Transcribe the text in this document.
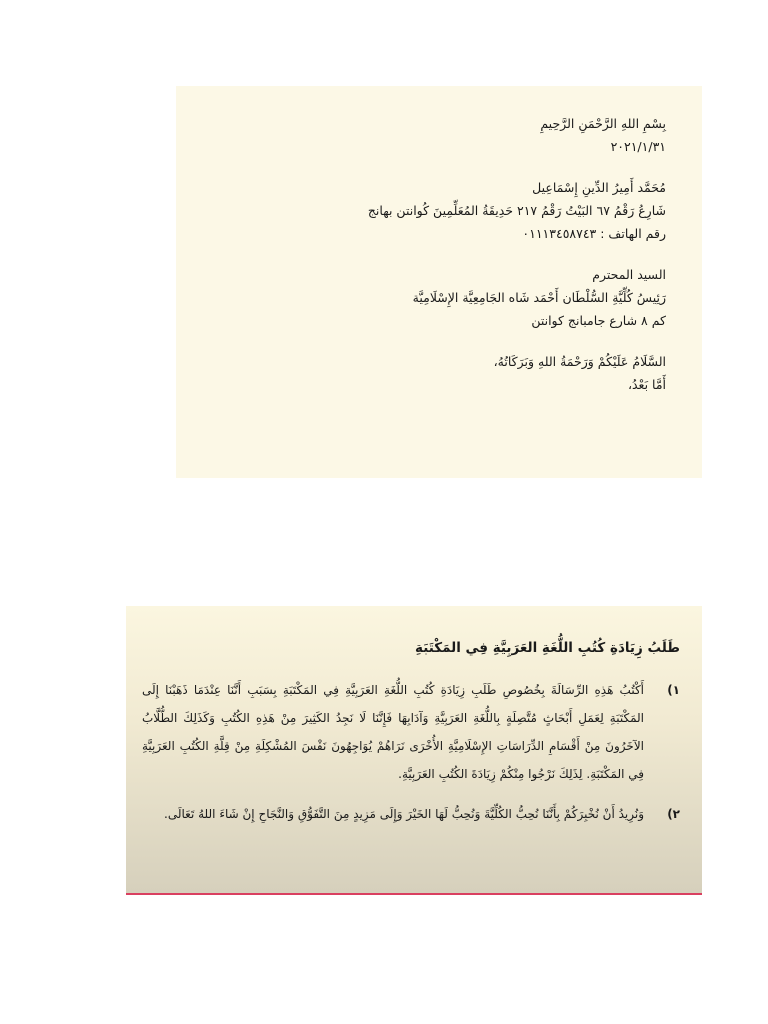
بِسْمِ اللهِ الرَّحْمَنِ الرَّحِيمِ
٢٠٢١/١/٣١
مُحَمَّد أَمِيرُ الدِّينِ إِسْمَاعِيل
شَارِعُ رَقْمُ ٦٧ البَيْتُ رَقْمُ ٢١٧ حَدِيقَةُ المُعَلِّمِينَ كُوانتن بهانج
رقم الهاتف : ٠١١١٣٤٥٨٧٤٣
السيد المحترم
رَئِيسُ كُلِّيَّةِ السُّلْطَان أَحْمَد شَاه الجَامِعِيَّة الإِسْلَامِيَّة
كم ٨ شارع جامبانج كوانتن
السَّلَامُ عَلَيْكُمْ وَرَحْمَةُ اللهِ وَبَرَكَاتُهُ،
أَمَّا بَعْدُ،
طَلَبُ زِيَادَةِ كُتُبِ اللُّغَةِ العَرَبِيَّةِ فِي المَكْتَبَةِ
١)
أَكْتُبُ هَذِهِ الرِّسَالَةَ بِخُصُوصِ طَلَبِ زِيَادَةِ كُتُبِ اللُّغَةِ العَرَبِيَّةِ فِي المَكْتَبَةِ بِسَبَبِ أَنَّنَا عِنْدَمَا ذَهَبْنَا إِلَى المَكْتَبَةِ لِعَمَلِ أَبْحَاثٍ مُتَّصِلَةٍ بِاللُّغَةِ العَرَبِيَّةِ وَآدَابِهَا فَإِنَّنَا لَا نَجِدُ الكَثِيرَ مِنْ هَذِهِ الكُتُبِ وَكَذَلِكَ الطُّلَّابُ الآخَرُونَ مِنْ أَقْسَامِ الدِّرَاسَاتِ الإِسْلَامِيَّةِ الأُخْرَى نَرَاهُمْ يُوَاجِهُونَ نَفْسَ المُشْكِلَةِ مِنْ قِلَّةِ الكُتُبِ العَرَبِيَّةِ فِي المَكْتَبَةِ. لِذَلِكَ نَرْجُوا مِنْكُمْ زِيَادَةَ الكُتُبِ العَرَبِيَّةِ.
٢)
وَنُرِيدُ أَنْ نُخْبِرَكُمْ بِأَنَّنَا نُحِبُّ الكُلِّيَّةَ وَنُحِبُّ لَهَا الخَيْرَ وَإِلَى مَزِيدٍ مِنَ التَّفَوُّقِ وَالنَّجَاحِ إِنْ شَاءَ اللهُ تَعَالَى.
